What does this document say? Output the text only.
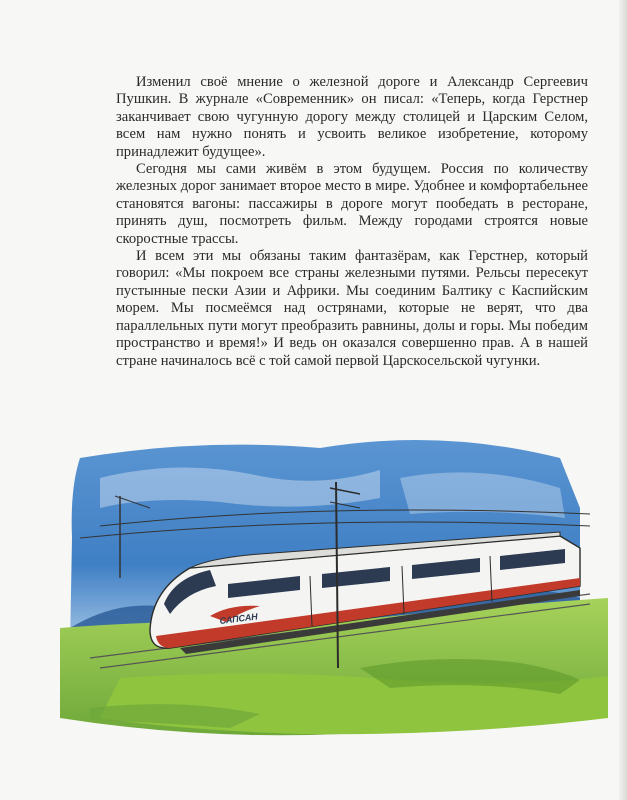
Изменил своё мнение о железной дороге и Александр Сергеевич Пушкин. В журнале «Современник» он писал: «Теперь, когда Герстнер заканчивает свою чугунную дорогу между столицей и Царским Селом, всем нам нужно понять и усвоить великое изобретение, которому принадлежит будущее».

Сегодня мы сами живём в этом будущем. Россия по количеству железных дорог занимает второе место в мире. Удобнее и комфортабельнее становятся вагоны: пассажиры в дороге могут пообедать в ресторане, принять душ, посмотреть фильм. Между городами строятся новые скоростные трассы.

И всем эти мы обязаны таким фантазёрам, как Герстнер, который говорил: «Мы покроем все страны железными путями. Рельсы пересекут пустынные пески Азии и Африки. Мы соединим Балтику с Каспийским морем. Мы посмеёмся над острянами, которые не верят, что два параллельных пути могут преобразить равнины, долы и горы. Мы победим пространство и время!» И ведь он оказался совершенно прав. А в нашей стране начиналось всё с той самой первой Царскосельской чугунки.

САПСАН
